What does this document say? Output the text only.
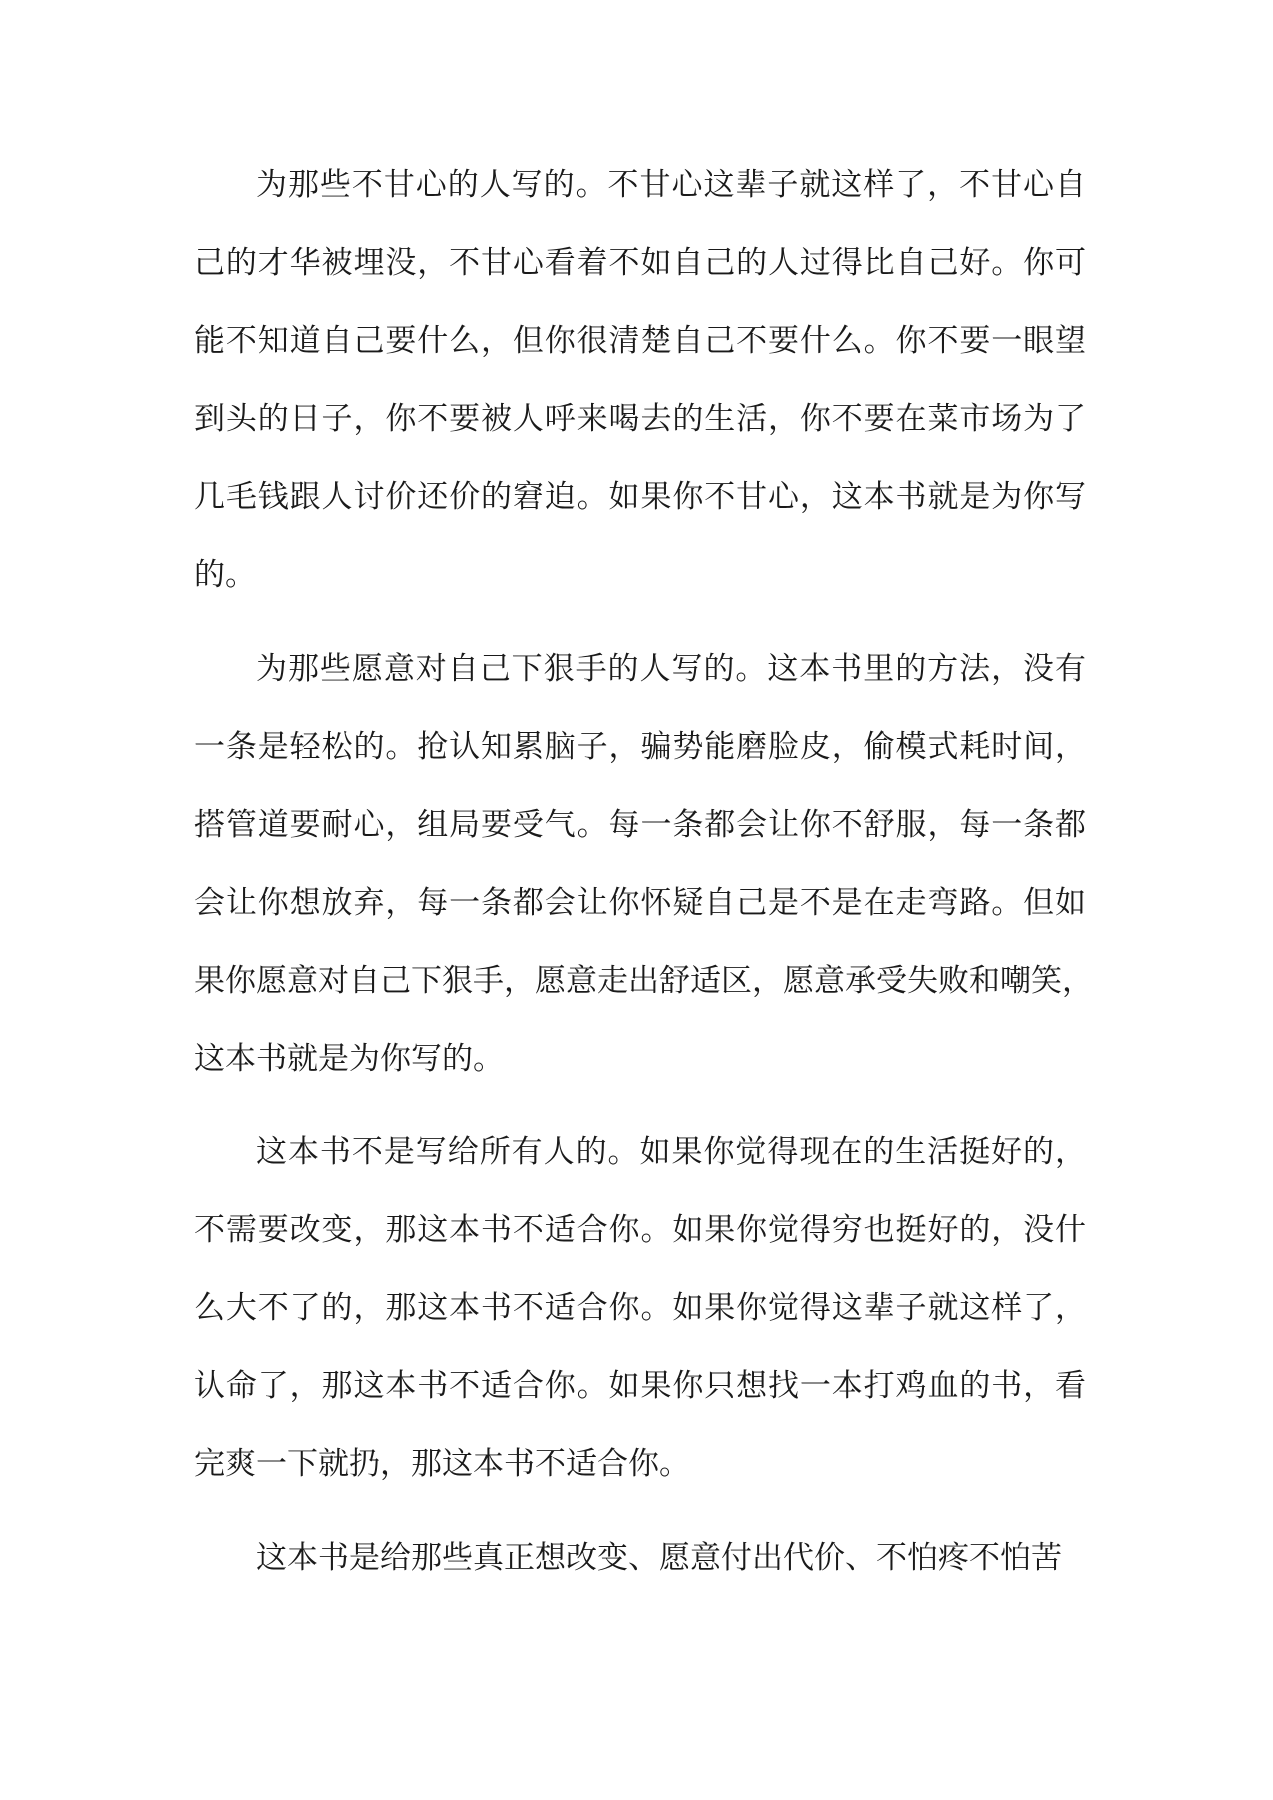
为那些不甘心的人写的。不甘心这辈子就这样了，不甘心自
己的才华被埋没，不甘心看着不如自己的人过得比自己好。你可
能不知道自己要什么，但你很清楚自己不要什么。你不要一眼望
到头的日子，你不要被人呼来喝去的生活，你不要在菜市场为了
几毛钱跟人讨价还价的窘迫。如果你不甘心，这本书就是为你写
的。
为那些愿意对自己下狠手的人写的。这本书里的方法，没有
一条是轻松的。抢认知累脑子，骗势能磨脸皮，偷模式耗时间，
搭管道要耐心，组局要受气。每一条都会让你不舒服，每一条都
会让你想放弃，每一条都会让你怀疑自己是不是在走弯路。但如
果你愿意对自己下狠手，愿意走出舒适区，愿意承受失败和嘲笑，
这本书就是为你写的。
这本书不是写给所有人的。如果你觉得现在的生活挺好的，
不需要改变，那这本书不适合你。如果你觉得穷也挺好的，没什
么大不了的，那这本书不适合你。如果你觉得这辈子就这样了，
认命了，那这本书不适合你。如果你只想找一本打鸡血的书，看
完爽一下就扔，那这本书不适合你。
这本书是给那些真正想改变、愿意付出代价、不怕疼不怕苦
